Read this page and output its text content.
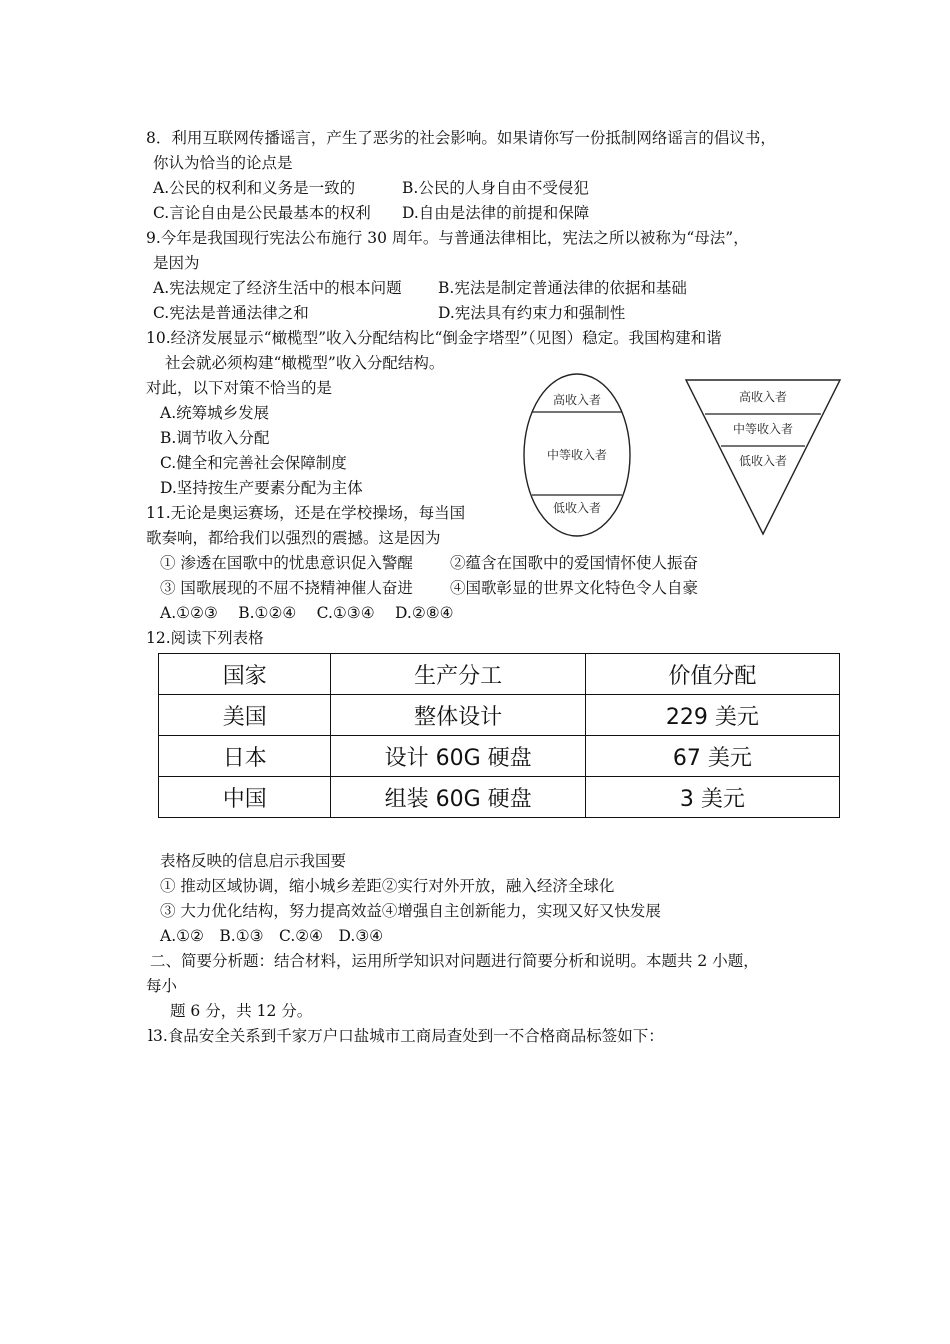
8．利用互联网传播谣言，产生了恶劣的社会影响。如果请你写一份抵制网络谣言的倡议书，
你认为恰当的论点是
A.公民的权利和义务是一致的	B.公民的人身自由不受侵犯
C.言论自由是公民最基本的权利 D.自由是法律的前提和保障
9.今年是我国现行宪法公布施行 30 周年。与普通法律相比，宪法之所以被称为“母法”，
是因为
A.宪法规定了经济生活中的根本问题 B.宪法是制定普通法律的依据和基础
C.宪法是普通法律之和	D.宪法具有约束力和强制性
10.经济发展显示“橄榄型”收入分配结构比“倒金字塔型”（见图）稳定。我国构建和谐
社会就必须构建“橄榄型”收入分配结构。
对此，以下对策不恰当的是
A.统筹城乡发展
B.调节收入分配
C.健全和完善社会保障制度
D.坚持按生产要素分配为主体
高收入者
中等收入者
低收入者
高收入者
中等收入者
低收入者
11.无论是奥运赛场，还是在学校操场，每当国
歌奏响，都给我们以强烈的震撼。这是因为
① 渗透在国歌中的忧患意识促入警醒 ②蕴含在国歌中的爱国情怀使人振奋
③ 国歌展现的不屈不挠精神催人奋进 ④国歌彰显的世界文化特色令人自豪
A.①②③　 B.①②④　 C.①③④　 D.②⑧④
12.阅读下列表格
国家	生产分工	价值分配
美国	整体设计	229 美元
日本	设计 60G 硬盘	67 美元
中国	组装 60G 硬盘	3 美元
表格反映的信息启示我国要
① 推动区域协调，缩小城乡差距②实行对外开放，融入经济全球化
③ 大力优化结构，努力提高效益④增强自主创新能力，实现又好又快发展
A.①②　B.①③　C.②④　D.③④
二、简要分析题：结合材料，运用所学知识对问题进行简要分析和说明。本题共 2 小题，
每小
题 6 分，共 12 分。
l3.食品安全关系到千家万户口盐城市工商局查处到一不合格商品标签如下：
